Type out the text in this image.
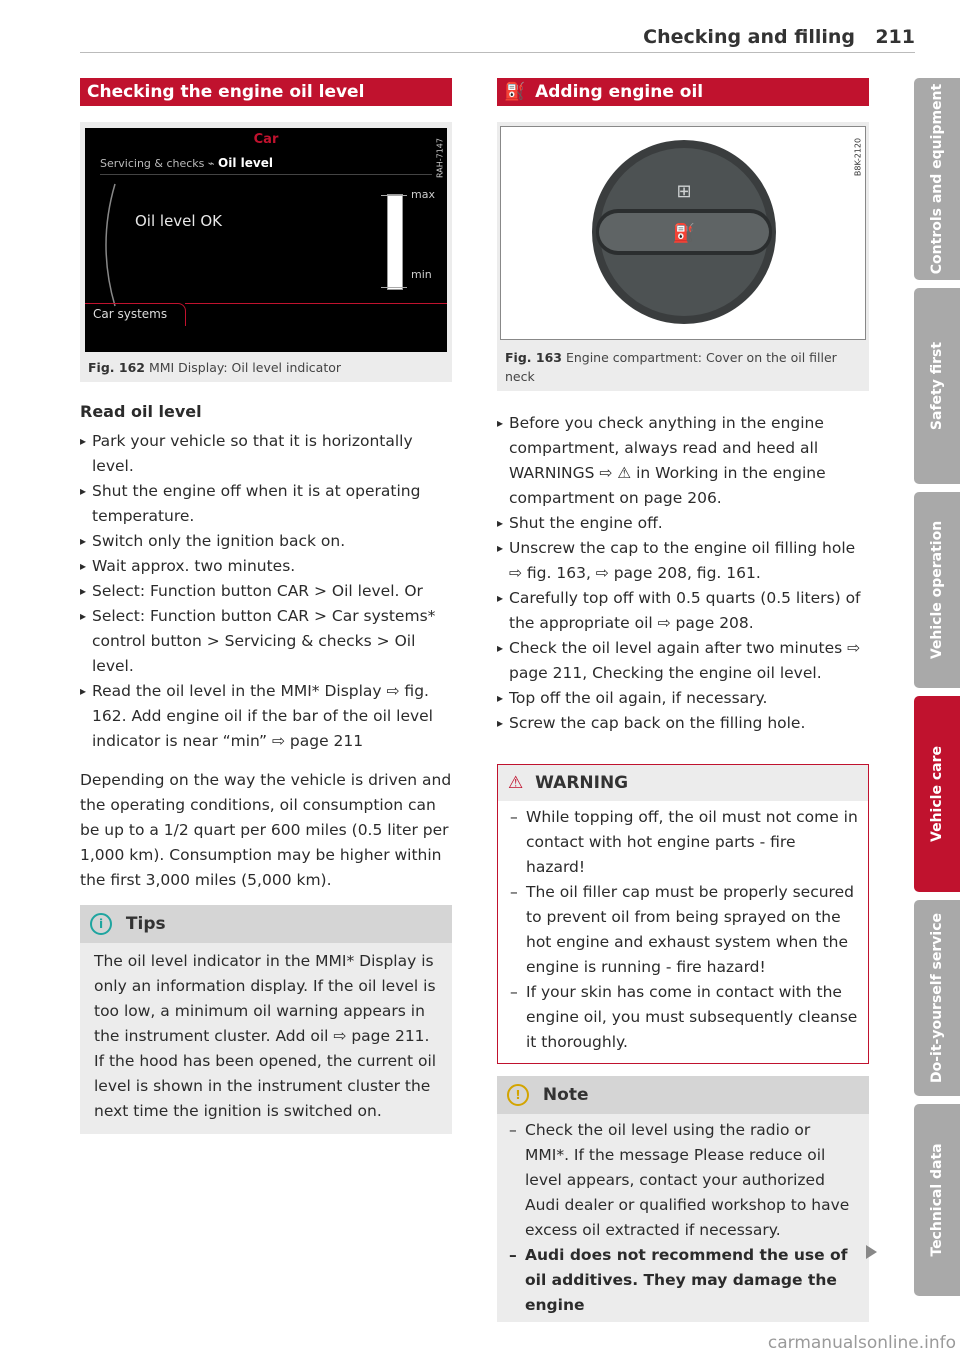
Checking and filling 211
Checking the engine oil level
Car
Servicing & checks ⌁ Oil level
Oil level OK
max
min
Car systems
RAH-7147
Fig. 162 MMI Display: Oil level indicator
Read oil level
▸ Park your vehicle so that it is horizontally level.
▸ Shut the engine off when it is at operating temperature.
▸ Switch only the ignition back on.
▸ Wait approx. two minutes.
▸ Select: Function button CAR > Oil level. Or
▸ Select: Function button CAR > Car systems* control button > Servicing & checks > Oil level.
▸ Read the oil level in the MMI* Display ⇨ fig. 162. Add engine oil if the bar of the oil level indicator is near “min” ⇨ page 211

Depending on the way the vehicle is driven and the operating conditions, oil consumption can be up to a 1/2 quart per 600 miles (0.5 liter per 1,000 km). Consumption may be higher within the first 3,000 miles (5,000 km).

i Tips
The oil level indicator in the MMI* Display is only an information display. If the oil level is too low, a minimum oil warning appears in the instrument cluster. Add oil ⇨ page 211. If the hood has been opened, the current oil level is shown in the instrument cluster the next time the ignition is switched on.
⛽ Adding engine oil
⊞
⛽
B8K-2120
Fig. 163 Engine compartment: Cover on the oil filler neck
▸ Before you check anything in the engine compartment, always read and heed all WARNINGS ⇨ ⚠ in Working in the engine compartment on page 206.
▸ Shut the engine off.
▸ Unscrew the cap to the engine oil filling hole ⇨ fig. 163, ⇨ page 208, fig. 161.
▸ Carefully top off with 0.5 quarts (0.5 liters) of the appropriate oil ⇨ page 208.
▸ Check the oil level again after two minutes ⇨ page 211, Checking the engine oil level.
▸ Top off the oil again, if necessary.
▸ Screw the cap back on the filling hole.
⚠ WARNING
– While topping off, the oil must not come in contact with hot engine parts - fire hazard!
– The oil filler cap must be properly secured to prevent oil from being sprayed on the hot engine and exhaust system when the engine is running - fire hazard!
– If your skin has come in contact with the engine oil, you must subsequently cleanse it thoroughly.
! Note
– Check the oil level using the radio or MMI*. If the message Please reduce oil level appears, contact your authorized Audi dealer or qualified workshop to have excess oil extracted if necessary.
– Audi does not recommend the use of oil additives. They may damage the engine
Controls and equipment
Safety first
Vehicle operation
Vehicle care
Do-it-yourself service
Technical data
carmanualsonline.info
